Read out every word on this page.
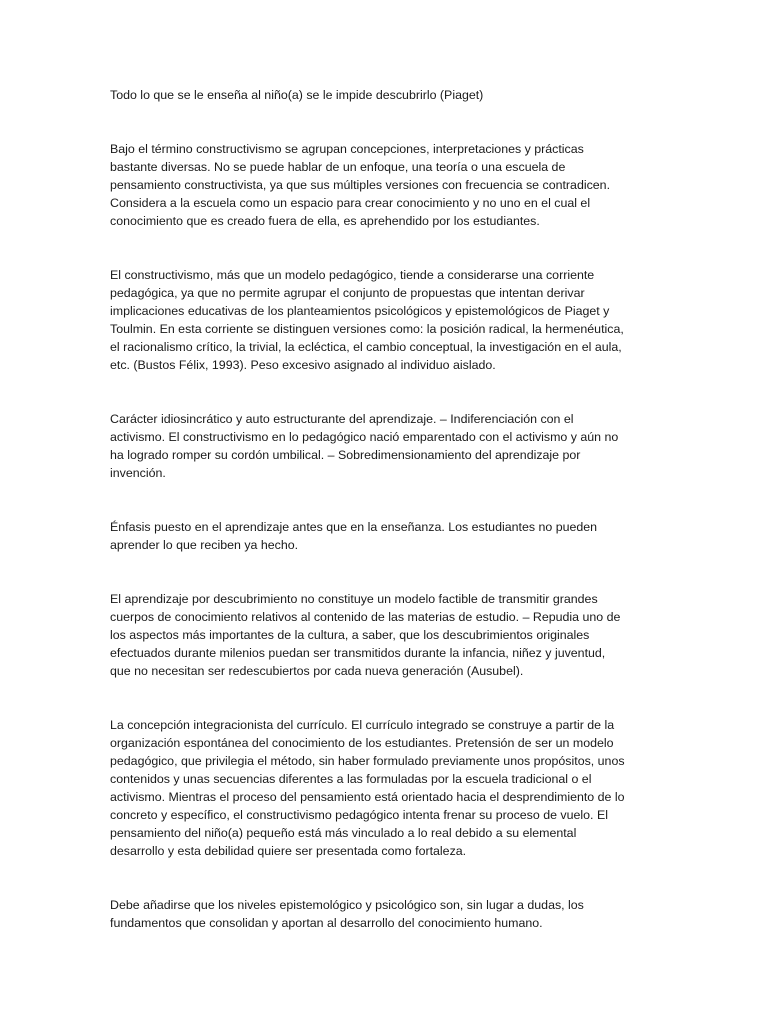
Todo lo que se le enseña al niño(a) se le impide descubrirlo (Piaget)

Bajo el término constructivismo se agrupan concepciones, interpretaciones y prácticas
bastante diversas. No se puede hablar de un enfoque, una teoría o una escuela de
pensamiento constructivista, ya que sus múltiples versiones con frecuencia se contradicen.
Considera a la escuela como un espacio para crear conocimiento y no uno en el cual el
conocimiento que es creado fuera de ella, es aprehendido por los estudiantes.

El constructivismo, más que un modelo pedagógico, tiende a considerarse una corriente
pedagógica, ya que no permite agrupar el conjunto de propuestas que intentan derivar
implicaciones educativas de los planteamientos psicológicos y epistemológicos de Piaget y
Toulmin. En esta corriente se distinguen versiones como: la posición radical, la hermenéutica,
el racionalismo crítico, la trivial, la ecléctica, el cambio conceptual, la investigación en el aula,
etc. (Bustos Félix, 1993). Peso excesivo asignado al individuo aislado.

Carácter idiosincrático y auto estructurante del aprendizaje. – Indiferenciación con el
activismo. El constructivismo en lo pedagógico nació emparentado con el activismo y aún no
ha logrado romper su cordón umbilical. – Sobredimensionamiento del aprendizaje por
invención.

Énfasis puesto en el aprendizaje antes que en la enseñanza. Los estudiantes no pueden
aprender lo que reciben ya hecho.

El aprendizaje por descubrimiento no constituye un modelo factible de transmitir grandes
cuerpos de conocimiento relativos al contenido de las materias de estudio. – Repudia uno de
los aspectos más importantes de la cultura, a saber, que los descubrimientos originales
efectuados durante milenios puedan ser transmitidos durante la infancia, niñez y juventud,
que no necesitan ser redescubiertos por cada nueva generación (Ausubel).

La concepción integracionista del currículo. El currículo integrado se construye a partir de la
organización espontánea del conocimiento de los estudiantes. Pretensión de ser un modelo
pedagógico, que privilegia el método, sin haber formulado previamente unos propósitos, unos
contenidos y unas secuencias diferentes a las formuladas por la escuela tradicional o el
activismo. Mientras el proceso del pensamiento está orientado hacia el desprendimiento de lo
concreto y específico, el constructivismo pedagógico intenta frenar su proceso de vuelo. El
pensamiento del niño(a) pequeño está más vinculado a lo real debido a su elemental
desarrollo y esta debilidad quiere ser presentada como fortaleza.

Debe añadirse que los niveles epistemológico y psicológico son, sin lugar a dudas, los
fundamentos que consolidan y aportan al desarrollo del conocimiento humano.
